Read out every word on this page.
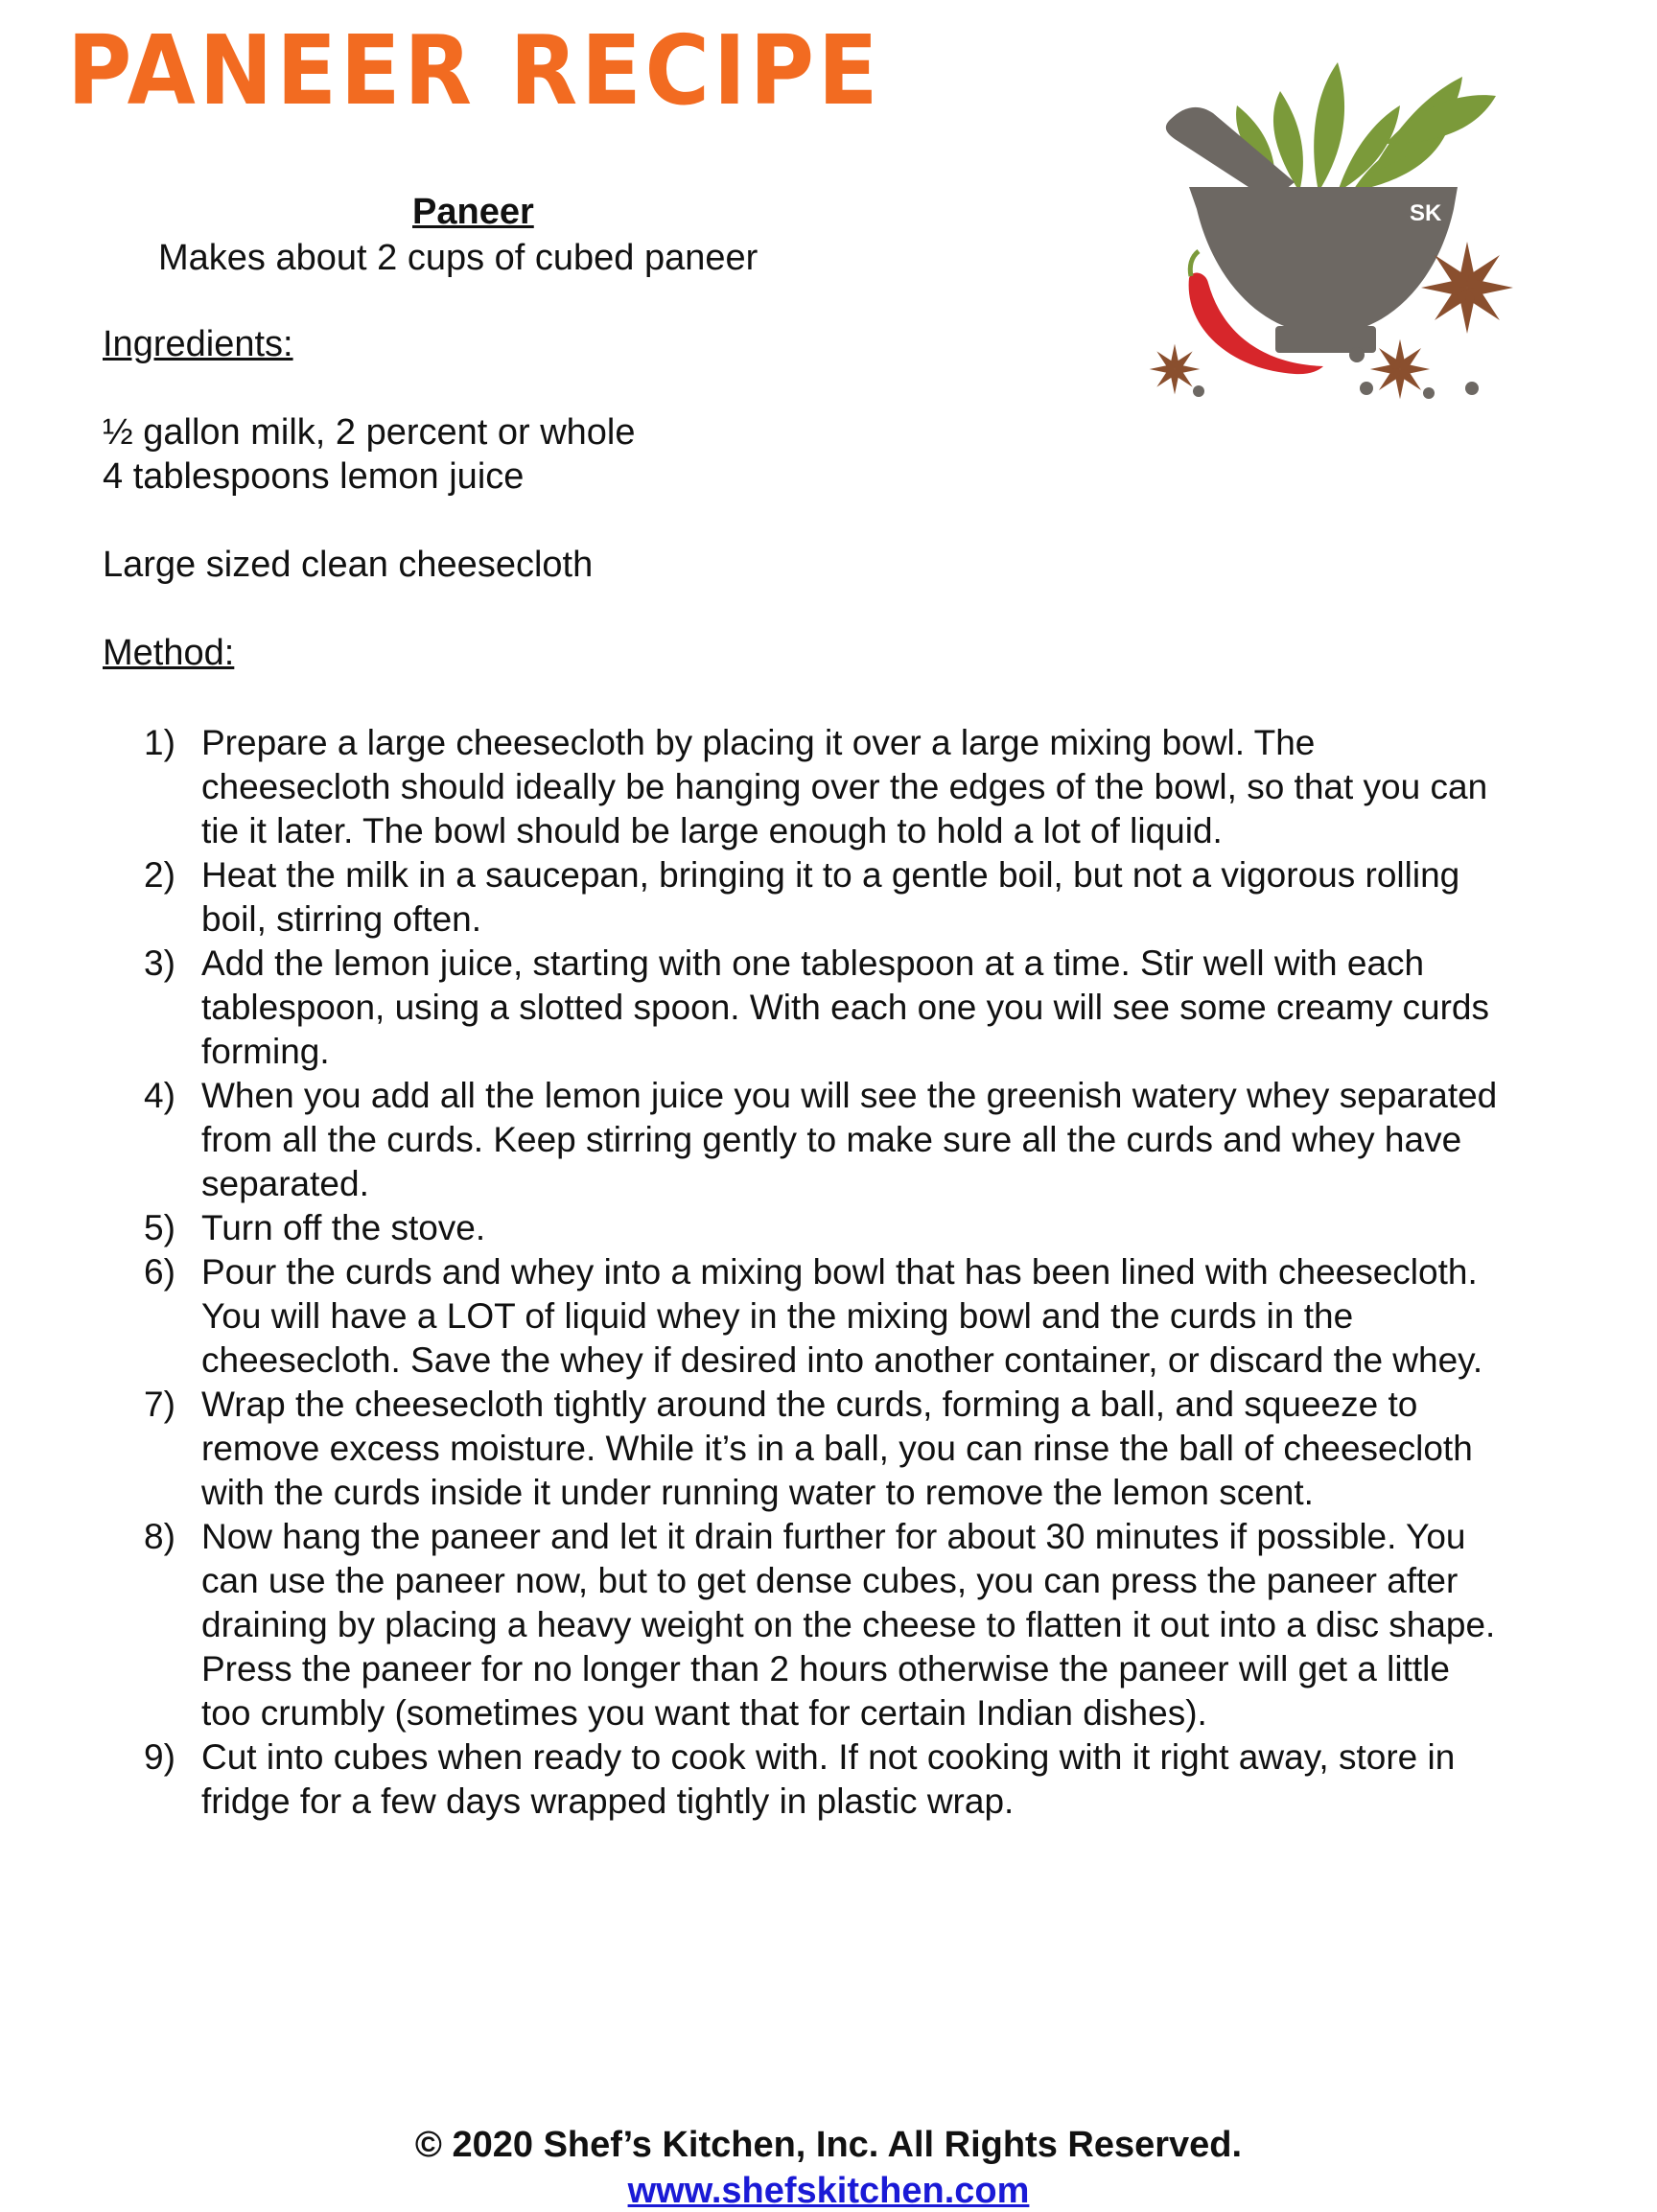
PANEER RECIPE
SK
Paneer
Makes about 2 cups of cubed paneer
Ingredients:
½ gallon milk, 2 percent or whole
4 tablespoons lemon juice
Large sized clean cheesecloth
Method:
1) Prepare a large cheesecloth by placing it over a large mixing bowl. The cheesecloth should ideally be hanging over the edges of the bowl, so that you can tie it later. The bowl should be large enough to hold a lot of liquid.
2) Heat the milk in a saucepan, bringing it to a gentle boil, but not a vigorous rolling boil, stirring often.
3) Add the lemon juice, starting with one tablespoon at a time. Stir well with each tablespoon, using a slotted spoon. With each one you will see some creamy curds forming.
4) When you add all the lemon juice you will see the greenish watery whey separated from all the curds. Keep stirring gently to make sure all the curds and whey have separated.
5) Turn off the stove.
6) Pour the curds and whey into a mixing bowl that has been lined with cheesecloth. You will have a LOT of liquid whey in the mixing bowl and the curds in the cheesecloth. Save the whey if desired into another container, or discard the whey.
7) Wrap the cheesecloth tightly around the curds, forming a ball, and squeeze to remove excess moisture. While it’s in a ball, you can rinse the ball of cheesecloth with the curds inside it under running water to remove the lemon scent.
8) Now hang the paneer and let it drain further for about 30 minutes if possible. You can use the paneer now, but to get dense cubes, you can press the paneer after draining by placing a heavy weight on the cheese to flatten it out into a disc shape. Press the paneer for no longer than 2 hours otherwise the paneer will get a little too crumbly (sometimes you want that for certain Indian dishes).
9) Cut into cubes when ready to cook with. If not cooking with it right away, store in fridge for a few days wrapped tightly in plastic wrap.
© 2020 Shef’s Kitchen, Inc. All Rights Reserved.
www.shefskitchen.com
